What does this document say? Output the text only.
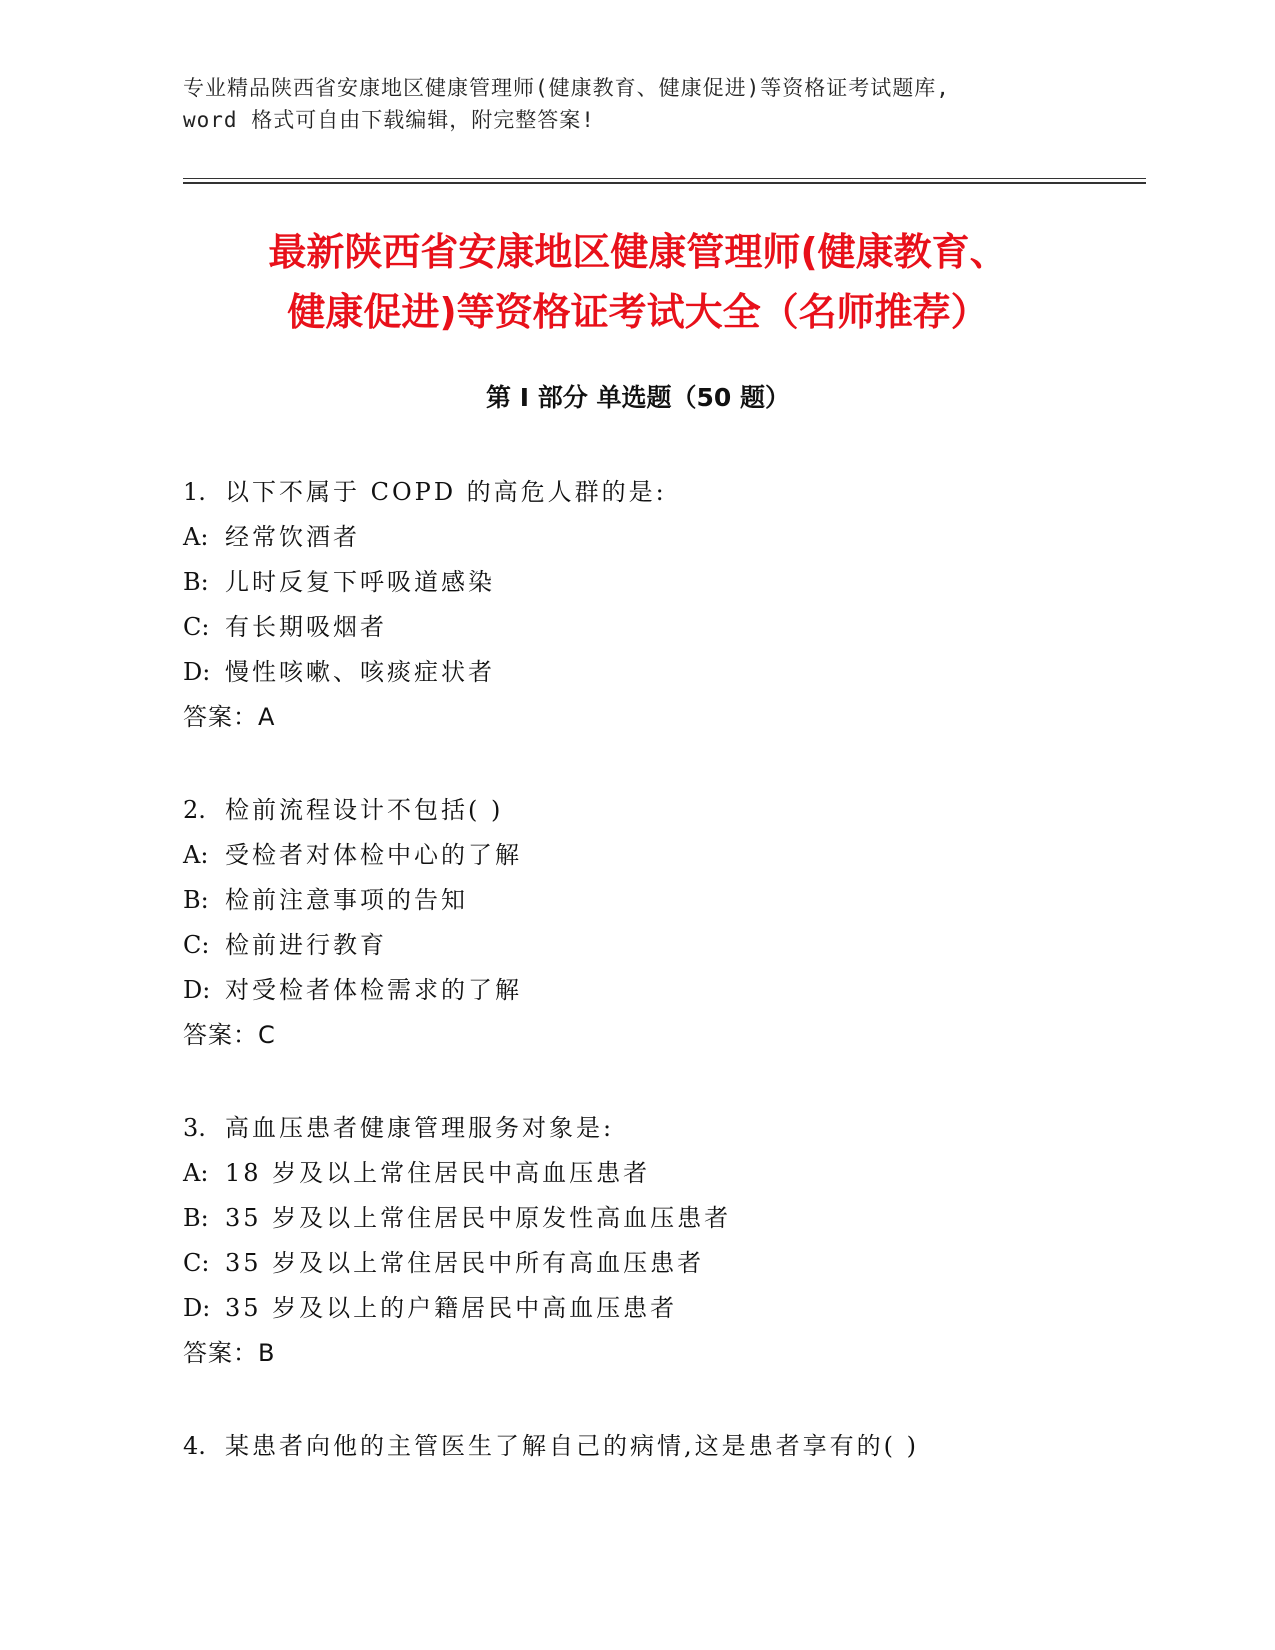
专业精品陕西省安康地区健康管理师(健康教育、健康促进)等资格证考试题库,
word 格式可自由下载编辑，附完整答案!
最新陕西省安康地区健康管理师(健康教育、
健康促进)等资格证考试大全（名师推荐）
第 I 部分 单选题（50 题）
1. 以下不属于 COPD 的高危人群的是:
A: 经常饮酒者
B: 儿时反复下呼吸道感染
C: 有长期吸烟者
D: 慢性咳嗽、咳痰症状者
答案：A
2. 检前流程设计不包括( )
A: 受检者对体检中心的了解
B: 检前注意事项的告知
C: 检前进行教育
D: 对受检者体检需求的了解
答案：C
3. 高血压患者健康管理服务对象是:
A: 18 岁及以上常住居民中高血压患者
B: 35 岁及以上常住居民中原发性高血压患者
C: 35 岁及以上常住居民中所有高血压患者
D: 35 岁及以上的户籍居民中高血压患者
答案：B
4. 某患者向他的主管医生了解自己的病情,这是患者享有的( )
